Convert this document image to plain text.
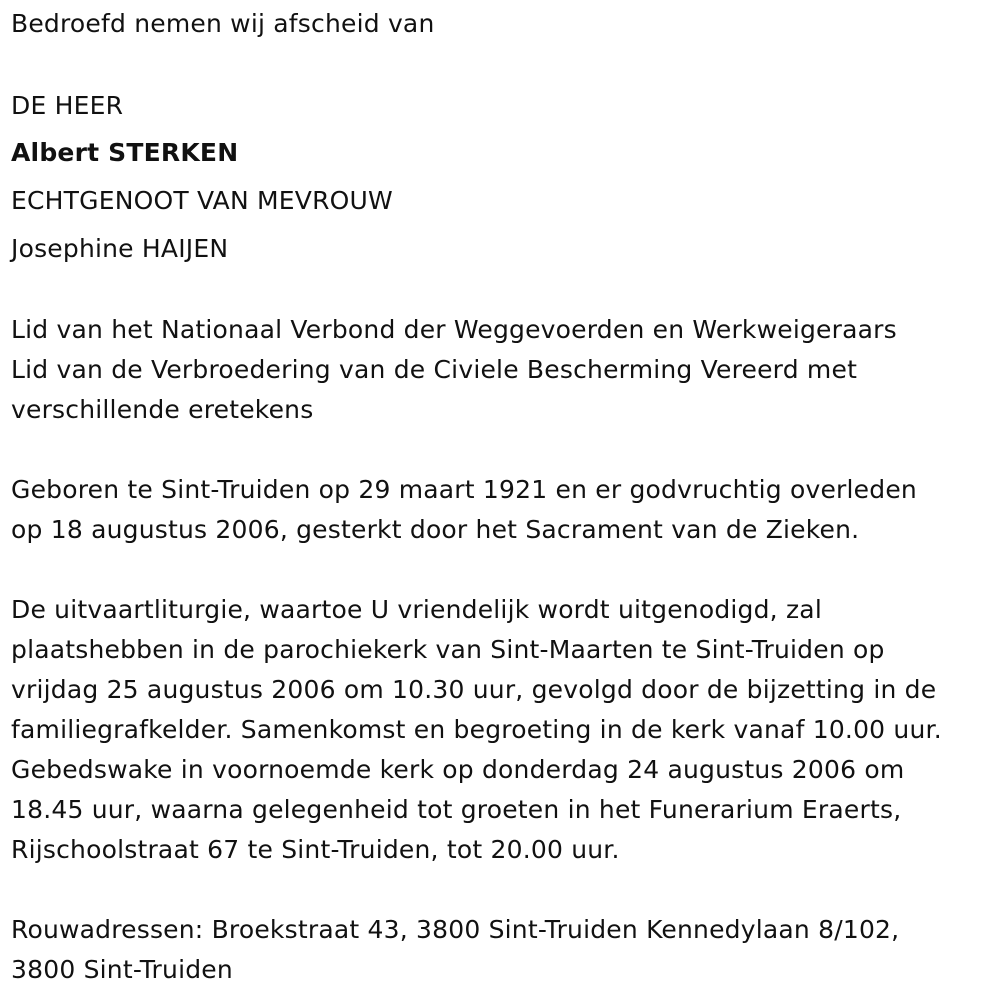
Bedroefd nemen wij afscheid van
DE HEER
Albert STERKEN
ECHTGENOOT VAN MEVROUW
Josephine HAIJEN
Lid van het Nationaal Verbond der Weggevoerden en Werkweigeraars
Lid van de Verbroedering van de Civiele Bescherming Vereerd met
verschillende eretekens
Geboren te Sint-Truiden op 29 maart 1921 en er godvruchtig overleden
op 18 augustus 2006, gesterkt door het Sacrament van de Zieken.
De uitvaartliturgie, waartoe U vriendelijk wordt uitgenodigd, zal
plaatshebben in de parochiekerk van Sint-Maarten te Sint-Truiden op
vrijdag 25 augustus 2006 om 10.30 uur, gevolgd door de bijzetting in de
familiegrafkelder. Samenkomst en begroeting in de kerk vanaf 10.00 uur.
Gebedswake in voornoemde kerk op donderdag 24 augustus 2006 om
18.45 uur, waarna gelegenheid tot groeten in het Funerarium Eraerts,
Rijschoolstraat 67 te Sint-Truiden, tot 20.00 uur.
Rouwadressen: Broekstraat 43, 3800 Sint-Truiden Kennedylaan 8/102,
3800 Sint-Truiden
